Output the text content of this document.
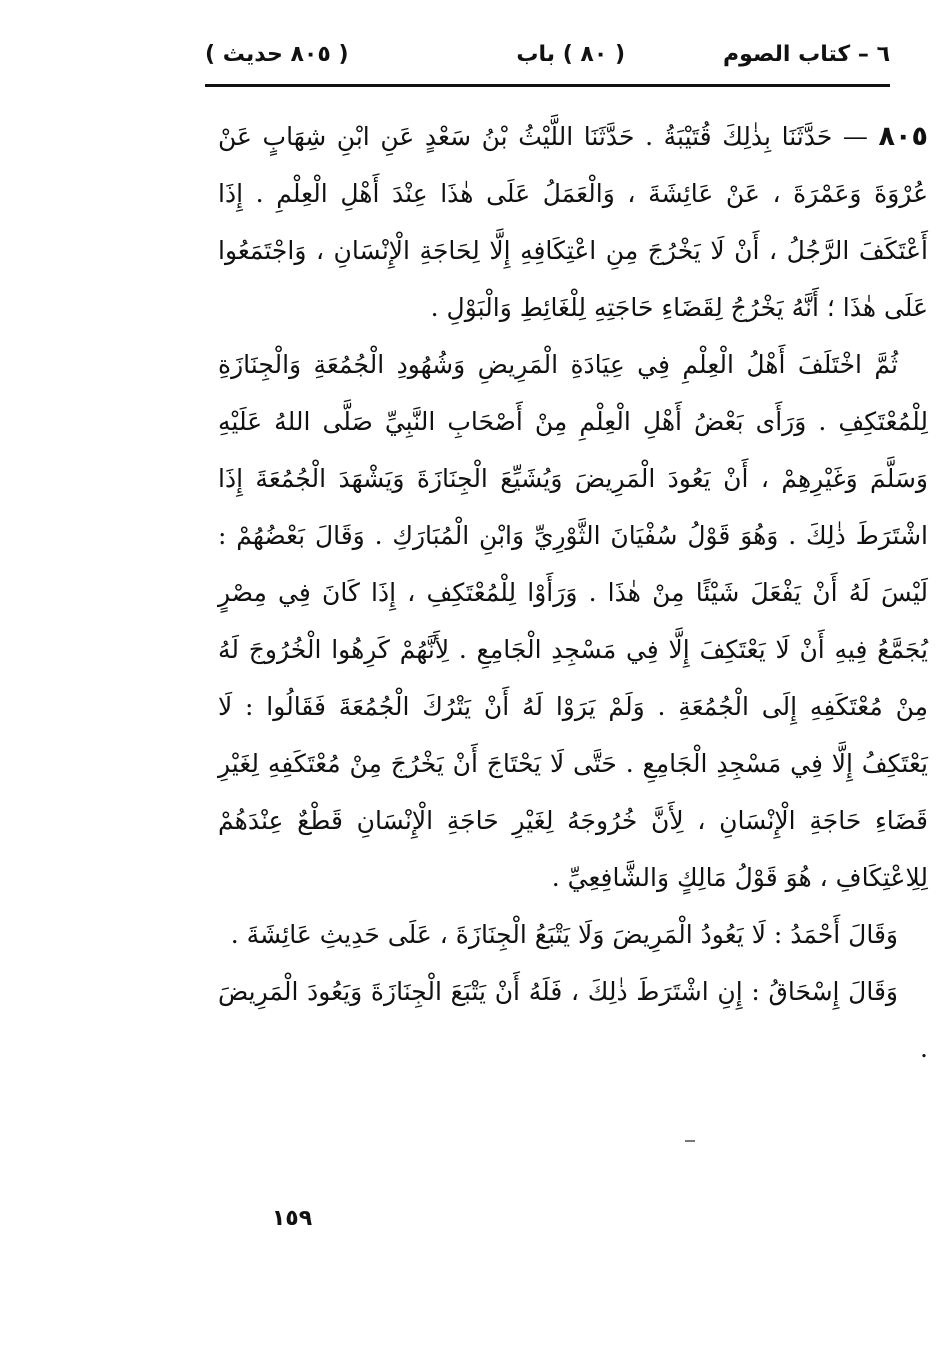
٦ – كتاب الصوم
( ٨٠ ) باب
( ٨٠٥ حديث )

٨٠٥ — حَدَّثَنَا بِذٰلِكَ قُتَيْبَةُ . حَدَّثَنَا اللَّيْثُ بْنُ سَعْدٍ عَنِ ابْنِ شِهَابٍ عَنْ عُرْوَةَ وَعَمْرَةَ ، عَنْ عَائِشَةَ ، وَالْعَمَلُ عَلَى هٰذَا عِنْدَ أَهْلِ الْعِلْمِ . إِذَا أَعْتَكَفَ الرَّجُلُ ، أَنْ لَا يَخْرُجَ مِنِ اعْتِكَافِهِ إِلَّا لِحَاجَةِ الْإِنْسَانِ ، وَاجْتَمَعُوا عَلَى هٰذَا ؛ أَنَّهُ يَخْرُجُ لِقَضَاءِ حَاجَتِهِ لِلْغَائِطِ وَالْبَوْلِ .

ثُمَّ اخْتَلَفَ أَهْلُ الْعِلْمِ فِي عِيَادَةِ الْمَرِيضِ وَشُهُودِ الْجُمُعَةِ وَالْجِنَازَةِ لِلْمُعْتَكِفِ . وَرَأَى بَعْضُ أَهْلِ الْعِلْمِ مِنْ أَصْحَابِ النَّبِيِّ صَلَّى اللهُ عَلَيْهِ وَسَلَّمَ وَغَيْرِهِمْ ، أَنْ يَعُودَ الْمَرِيضَ وَيُشَيِّعَ الْجِنَازَةَ وَيَشْهَدَ الْجُمُعَةَ إِذَا اشْتَرَطَ ذٰلِكَ . وَهُوَ قَوْلُ سُفْيَانَ الثَّوْرِيِّ وَابْنِ الْمُبَارَكِ . وَقَالَ بَعْضُهُمْ : لَيْسَ لَهُ أَنْ يَفْعَلَ شَيْئًا مِنْ هٰذَا . وَرَأَوْا لِلْمُعْتَكِفِ ، إِذَا كَانَ فِي مِصْرٍ يُجَمَّعُ فِيهِ أَنْ لَا يَعْتَكِفَ إِلَّا فِي مَسْجِدِ الْجَامِعِ . لِأَنَّهُمْ كَرِهُوا الْخُرُوجَ لَهُ مِنْ مُعْتَكَفِهِ إِلَى الْجُمُعَةِ . وَلَمْ يَرَوْا لَهُ أَنْ يَتْرُكَ الْجُمُعَةَ فَقَالُوا : لَا يَعْتَكِفُ إِلَّا فِي مَسْجِدِ الْجَامِعِ . حَتَّى لَا يَحْتَاجَ أَنْ يَخْرُجَ مِنْ مُعْتَكَفِهِ لِغَيْرِ قَضَاءِ حَاجَةِ الْإِنْسَانِ ، لِأَنَّ خُرُوجَهُ لِغَيْرِ حَاجَةِ الْإِنْسَانِ قَطْعٌ عِنْدَهُمْ لِلِاعْتِكَافِ ، هُوَ قَوْلُ مَالِكٍ وَالشَّافِعِيِّ .

وَقَالَ أَحْمَدُ : لَا يَعُودُ الْمَرِيضَ وَلَا يَتْبَعُ الْجِنَازَةَ ، عَلَى حَدِيثِ عَائِشَةَ .

وَقَالَ إِسْحَاقُ : إِنِ اشْتَرَطَ ذٰلِكَ ، فَلَهُ أَنْ يَتْبَعَ الْجِنَازَةَ وَيَعُودَ الْمَرِيضَ .

١٥٩
